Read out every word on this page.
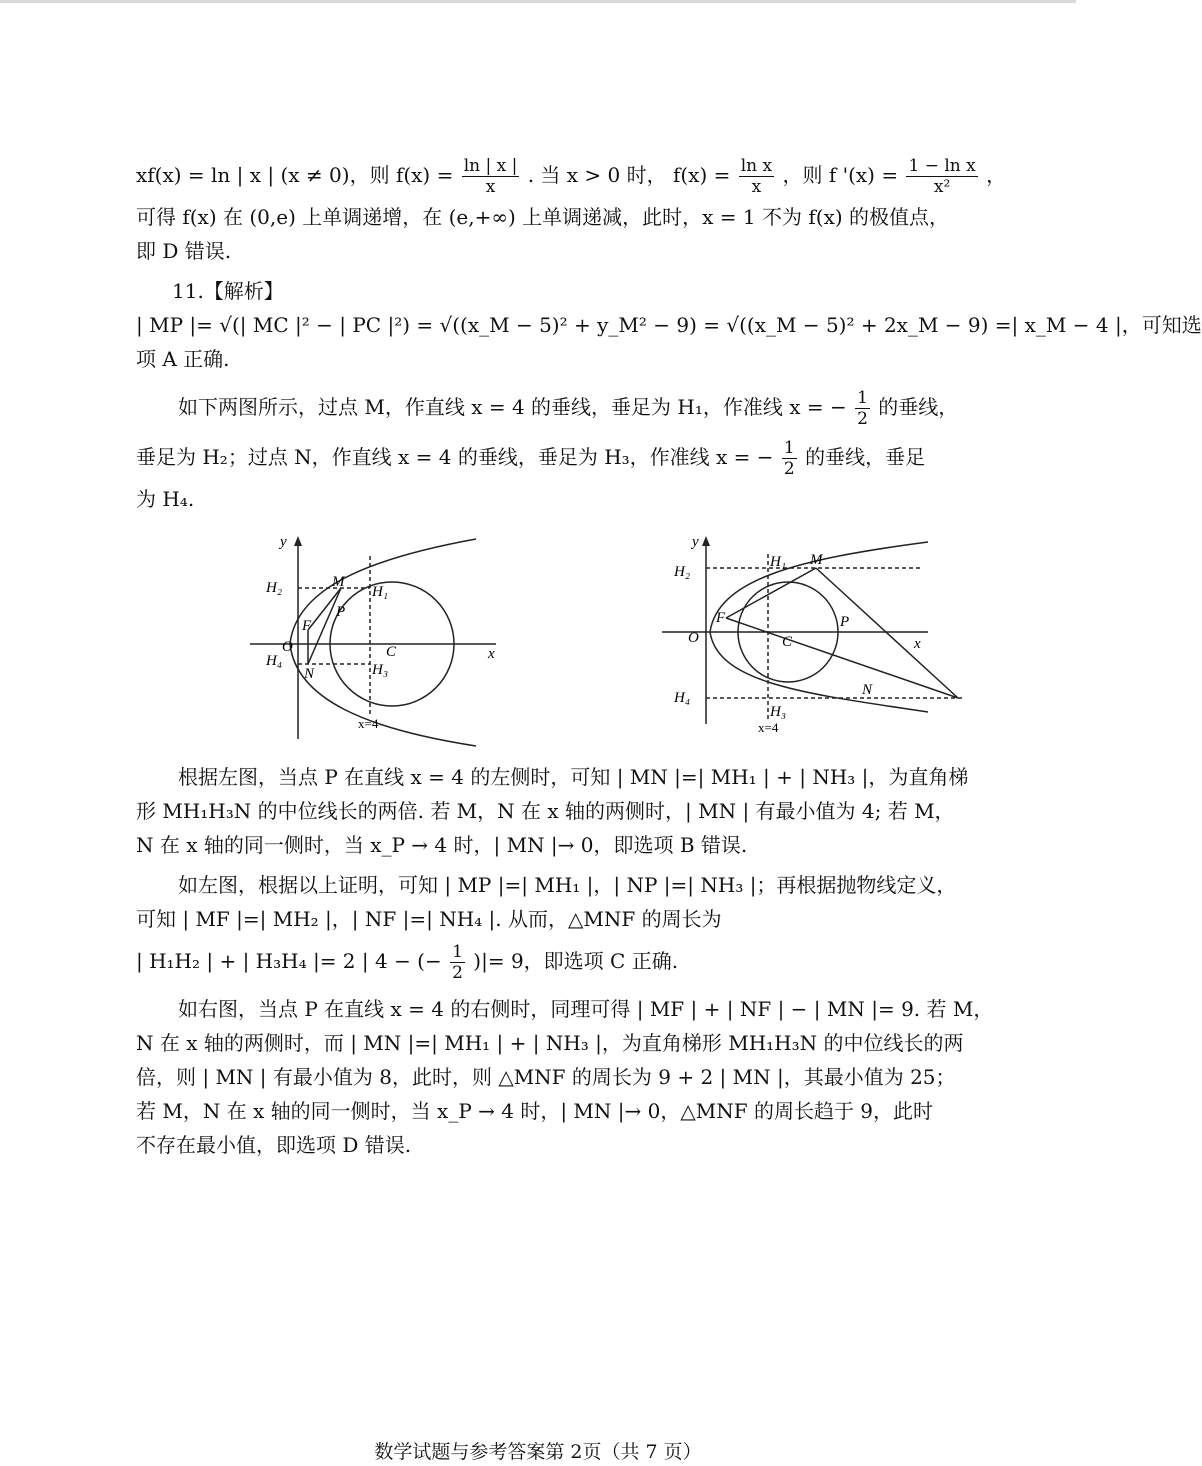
xf(x) = ln | x | (x ≠ 0)，则 $f(x) = \frac{\ln | x |}{x}$ . 当 x > 0 时， $f(x) = \frac{\text{ln x}}{x}$ ，则 f '$(x) = \frac{\text{1 − ln x}}{\text{x²}}$ ，
可得 f(x) 在 (0,e) 上单调递增，在 (e,+∞) 上单调递减，此时，x = 1 不为 f(x) 的极值点，
即 D 错误.
11.【解析】
| MP |= √(| MC |² − | PC |²) = √((x_M − 5)² + y_M² − 9) = √((x_M − 5)² + 2x_M − 9) =| x_M − 4 |，可知选
项 A 正确.
如下两图所示，过点 M，作直线 x = 4 的垂线，垂足为 H₁，作准线 x = − $\frac{1}{2}$ 的垂线，
垂足为 H₂；过点 N，作直线 x = 4 的垂线，垂足为 H₃，作准线 x = − $\frac{1}{2}$ 的垂线，垂足
为 H₄.
y
x
O
F
M
N
P
C
H₁
H₂
H₃
H₄
x=4
y
x
O
F
M
N
P
C
H₁
H₂
H₃
H₄
x=4
根据左图，当点 P 在直线 x = 4 的左侧时，可知 | MN |=| MH₁ | + | NH₃ |，为直角梯
形 MH₁H₃N 的中位线长的两倍. 若 M，N 在 x 轴的两侧时，| MN | 有最小值为 4; 若 M，
N 在 x 轴的同一侧时，当 x_P → 4 时，| MN |→ 0，即选项 B 错误.
如左图，根据以上证明，可知 | MP |=| MH₁ |，| NP |=| NH₃ |；再根据抛物线定义，
可知 | MF |=| MH₂ |，| NF |=| NH₄ |. 从而，△MNF 的周长为
| H₁H₂ | + | H₃H₄ |= 2 | 4 − (− $\frac{1}{2}$ )|= 9，即选项 C 正确.
如右图，当点 P 在直线 x = 4 的右侧时，同理可得 | MF | + | NF | − | MN |= 9. 若 M，
N 在 x 轴的两侧时，而 | MN |=| MH₁ | + | NH₃ |，为直角梯形 MH₁H₃N 的中位线长的两
倍，则 | MN | 有最小值为 8，此时，则 △MNF 的周长为 9 + 2 | MN |，其最小值为 25；
若 M，N 在 x 轴的同一侧时，当 x_P → 4 时，| MN |→ 0，△MNF 的周长趋于 9，此时
不存在最小值，即选项 D 错误.
数学试题与参考答案第 2页（共 7 页）
